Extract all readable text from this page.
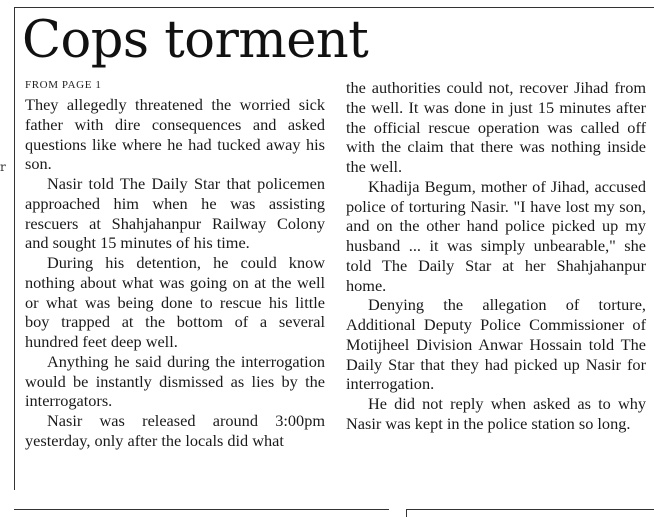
r
Cops torment
FROM PAGE 1

They allegedly threatened the worried sick father with dire consequences and asked questions like where he had tucked away his son.

Nasir told The Daily Star that policemen approached him when he was assisting rescuers at Shahjahanpur Railway Colony and sought 15 minutes of his time.

During his detention, he could know nothing about what was going on at the well or what was being done to rescue his little boy trapped at the bottom of a several hundred feet deep well.

Anything he said during the interrogation would be instantly dismissed as lies by the interrogators.

Nasir was released around 3:00pm yesterday, only after the locals did what

the authorities could not, recover Jihad from the well. It was done in just 15 minutes after the official rescue operation was called off with the claim that there was nothing inside the well.

Khadija Begum, mother of Jihad, accused police of torturing Nasir. "I have lost my son, and on the other hand police picked up my husband ... it was simply unbearable," she told The Daily Star at her Shahjahanpur home.

Denying the allegation of torture, Additional Deputy Police Commissioner of Motijheel Division Anwar Hossain told The Daily Star that they had picked up Nasir for interrogation.

He did not reply when asked as to why Nasir was kept in the police station so long.
